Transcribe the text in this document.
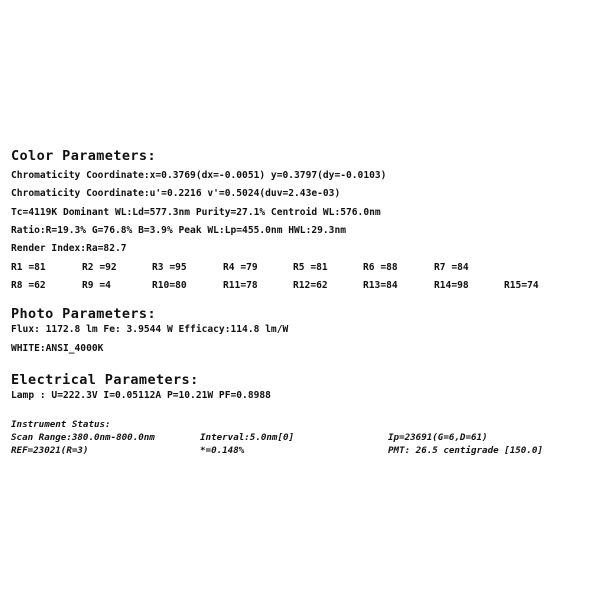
Color Parameters:
Chromaticity Coordinate:x=0.3769(dx=-0.0051) y=0.3797(dy=-0.0103)
Chromaticity Coordinate:u'=0.2216 v'=0.5024(duv=2.43e-03)
Tc=4119K Dominant WL:Ld=577.3nm Purity=27.1% Centroid WL:576.0nm
Ratio:R=19.3% G=76.8% B=3.9% Peak WL:Lp=455.0nm HWL:29.3nm
Render Index:Ra=82.7
R1 =81	R2 =92	R3 =95	R4 =79	R5 =81	R6 =88	R7 =84
R8 =62	R9 =4	R10=80	R11=78	R12=62	R13=84	R14=98	R15=74
Photo Parameters:
Flux: 1172.8 lm Fe: 3.9544 W Efficacy:114.8 lm/W
WHITE:ANSI_4000K
Electrical Parameters:
Lamp : U=222.3V I=0.05112A P=10.21W PF=0.8988
Instrument Status:
Scan Range:380.0nm-800.0nm	Interval:5.0nm[0]	Ip=23691(G=6,D=61)
REF=23021(R=3)	*=0.148%	PMT: 26.5 centigrade [150.0]
